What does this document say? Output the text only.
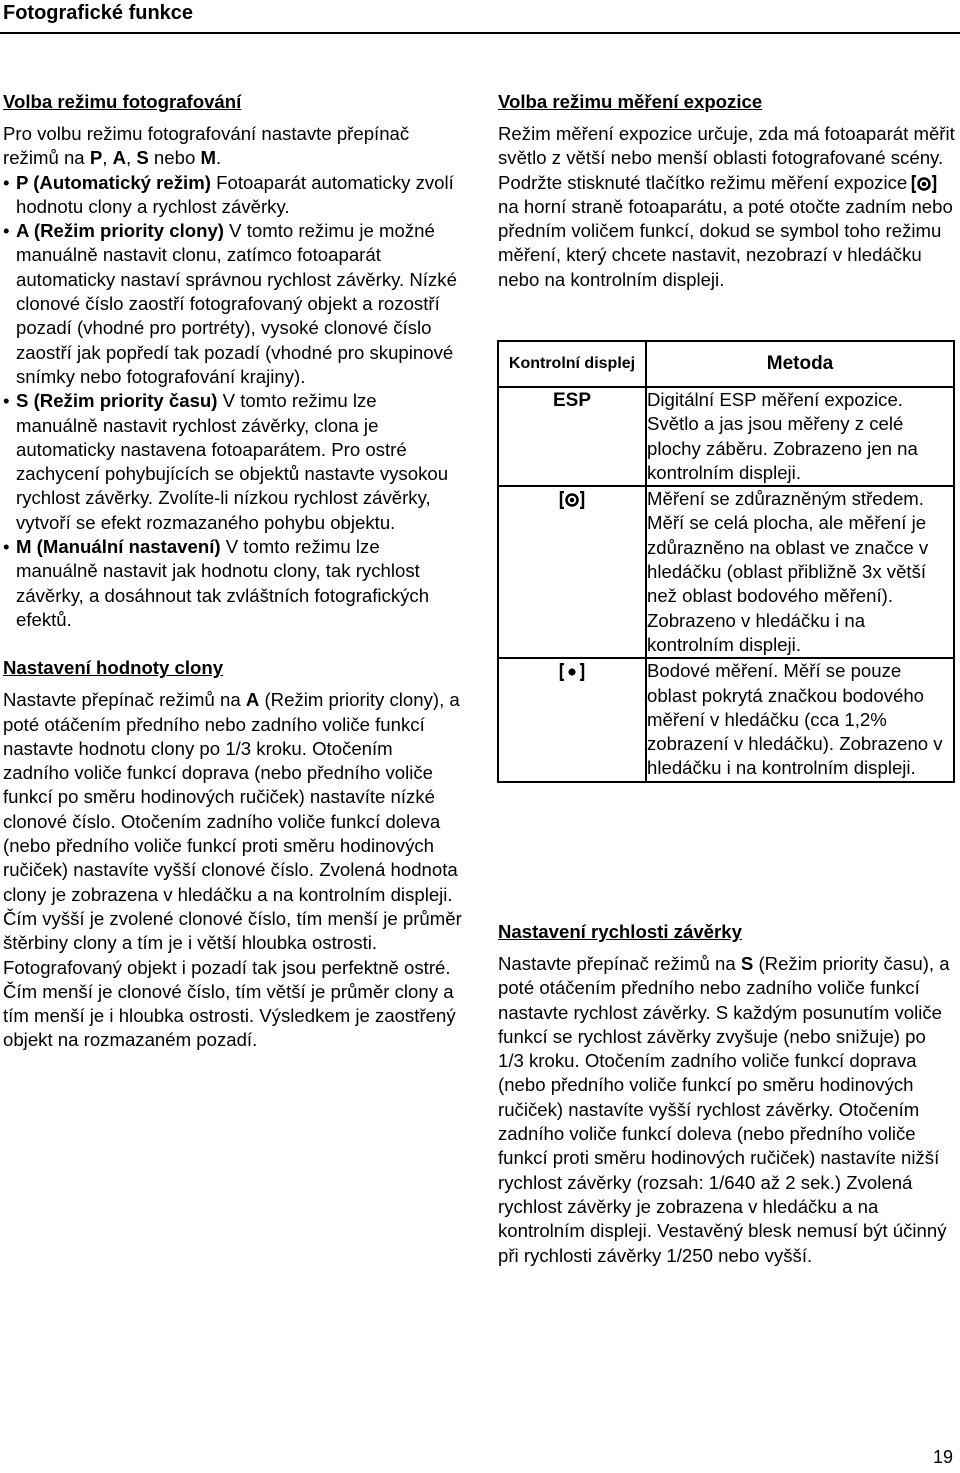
Fotografické funkce
Volba režimu fotografování

Pro volbu režimu fotografování nastavte přepínač režimů na P, A, S nebo M.

• P (Automatický režim) Fotoaparát automaticky zvolí hodnotu clony a rychlost závěrky.
• A (Režim priority clony) V tomto režimu je možné manuálně nastavit clonu, zatímco fotoaparát automaticky nastaví správnou rychlost závěrky. Nízké clonové číslo zaostří fotografovaný objekt a rozostří pozadí (vhodné pro portréty), vysoké clonové číslo zaostří jak popředí tak pozadí (vhodné pro skupinové snímky nebo fotografování krajiny).
• S (Režim priority času) V tomto režimu lze manuálně nastavit rychlost závěrky, clona je automaticky nastavena fotoaparátem. Pro ostré zachycení pohybujících se objektů nastavte vysokou rychlost závěrky. Zvolíte-li nízkou rychlost závěrky, vytvoří se efekt rozmazaného pohybu objektu.
• M (Manuální nastavení) V tomto režimu lze manuálně nastavit jak hodnotu clony, tak rychlost závěrky, a dosáhnout tak zvláštních fotografických efektů.
Nastavení hodnoty clony

Nastavte přepínač režimů na A (Režim priority clony), a poté otáčením předního nebo zadního voliče funkcí nastavte hodnotu clony po 1/3 kroku. Otočením zadního voliče funkcí doprava (nebo předního voliče funkcí po směru hodinových ručiček) nastavíte nízké clonové číslo. Otočením zadního voliče funkcí doleva (nebo předního voliče funkcí proti směru hodinových ručiček) nastavíte vyšší clonové číslo. Zvolená hodnota clony je zobrazena v hledáčku a na kontrolním displeji. Čím vyšší je zvolené clonové číslo, tím menší je průměr štěrbiny clony a tím je i větší hloubka ostrosti. Fotografovaný objekt i pozadí tak jsou perfektně ostré. Čím menší je clonové číslo, tím větší je průměr clony a tím menší je i hloubka ostrosti. Výsledkem je zaostřený objekt na rozmazaném pozadí.

Volba režimu měření expozice

Režim měření expozice určuje, zda má fotoaparát měřit světlo z větší nebo menší oblasti fotografované scény. Podržte stisknuté tlačítko režimu měření expozice
na horní straně fotoaparátu, a poté otočte zadním nebo předním voličem funkcí, dokud se symbol toho režimu měření, který chcete nastavit, nezobrazí v hledáčku nebo na kontrolním displeji.

Kontrolní displej	Metoda
ESP	Digitální ESP měření expozice. Světlo a jas jsou měřeny z celé plochy záběru. Zobrazeno jen na kontrolním displeji.

	Měření se zdůrazněným středem. Měří se celá plocha, ale měření je zdůrazněno na oblast ve značce v hledáčku (oblast přibližně 3x větší než oblast bodového měření). Zobrazeno v hledáčku i na kontrolním displeji.

	Bodové měření. Měří se pouze oblast pokrytá značkou bodového měření v hledáčku (cca 1,2% zobrazení v hledáčku). Zobrazeno v hledáčku i na kontrolním displeji.
Nastavení rychlosti závěrky

Nastavte přepínač režimů na S (Režim priority času), a poté otáčením předního nebo zadního voliče funkcí nastavte rychlost závěrky. S každým posunutím voliče funkcí se rychlost závěrky zvyšuje (nebo snižuje) po 1/3 kroku. Otočením zadního voliče funkcí doprava (nebo předního voliče funkcí po směru hodinových ručiček) nastavíte vyšší rychlost závěrky. Otočením zadního voliče funkcí doleva (nebo předního voliče funkcí proti směru hodinových ručiček) nastavíte nižší rychlost závěrky (rozsah: 1/640 až 2 sek.) Zvolená rychlost závěrky je zobrazena v hledáčku a na kontrolním displeji. Vestavěný blesk nemusí být účinný při rychlosti závěrky 1/250 nebo vyšší.

19
